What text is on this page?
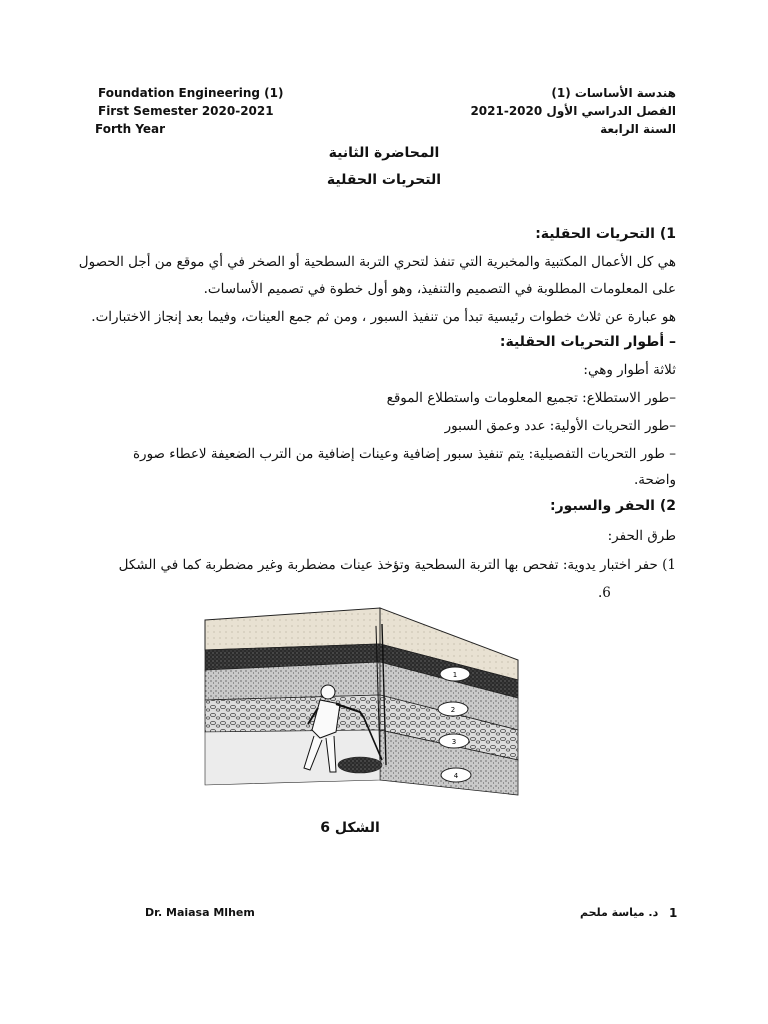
Foundation Engineering (1)
First Semester 2020-2021
Forth Year
هندسة الأساسات (1)
الفصل الدراسي الأول 2020-2021
السنة الرابعة
المحاضرة الثانية
التحريات الحقلية
1) التحريات الحقلية:
هي كل الأعمال المكتبية والمخبرية التي تنفذ لتحري التربة السطحية أو الصخر في أي موقع من أجل الحصول
على المعلومات المطلوبة في التصميم والتنفيذ، وهو أول خطوة في تصميم الأساسات.
هو عبارة عن ثلاث خطوات رئيسية تبدأ من تنفيذ السبور ، ومن ثم جمع العينات، وفيما بعد إنجاز الاختبارات.
– أطوار التحريات الحقلية:
ثلاثة أطوار وهي:
–طور الاستطلاع: تجميع المعلومات واستطلاع الموقع
–طور التحريات الأولية: عدد وعمق السبور
– طور التحريات التفصيلية: يتم تنفيذ سبور إضافية وعينات إضافية من الترب الضعيفة لاعطاء صورة
واضحة.
2) الحفر والسبور:
طرق الحفر:
1) حفر اختبار يدوية: تفحص بها التربة السطحية وتؤخذ عينات مضطربة وغير مضطربة كما في الشكل
.6
1
2
3
4
الشكل 6
Dr. Maiasa Mlhem	د. مياسة ملحم 1
